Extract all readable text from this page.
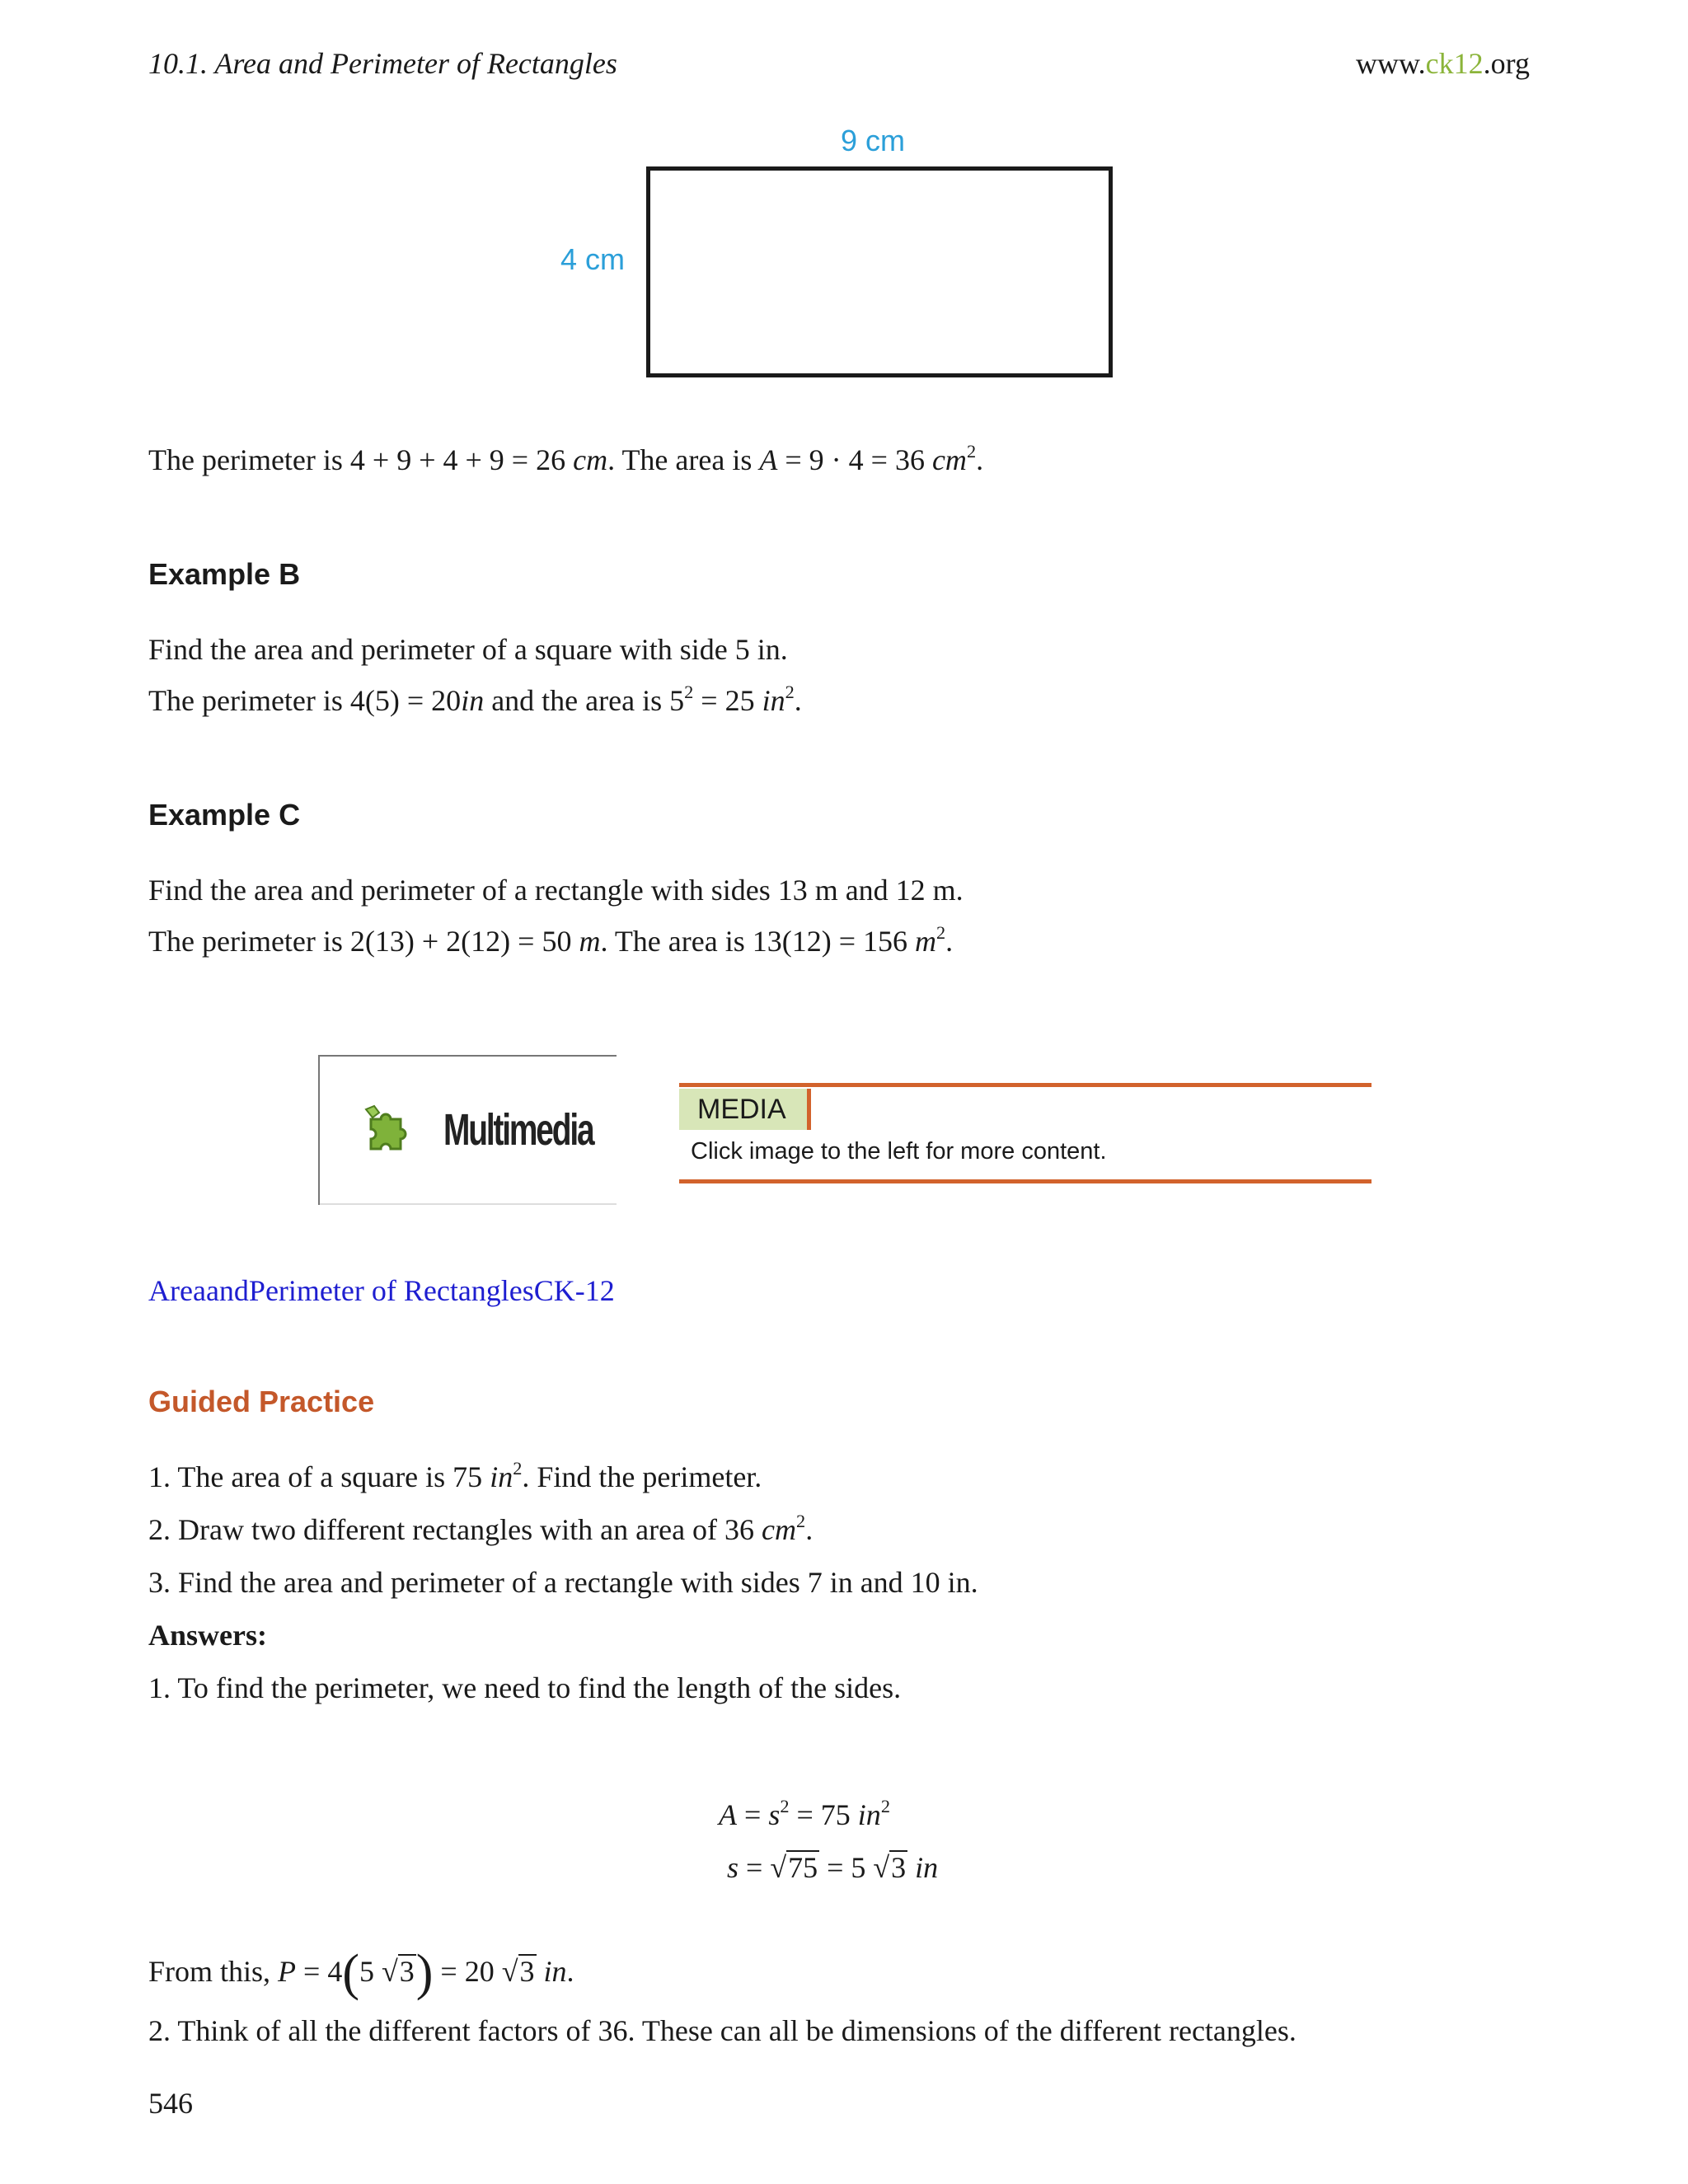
10.1. Area and Perimeter of Rectangles	www.ck12.org
9 cm
4 cm
The perimeter is 4 + 9 + 4 + 9 = 26 cm. The area is A = 9 · 4 = 36 $cm^2$.
Example B
Find the area and perimeter of a square with side 5 in.
The perimeter is 4(5) = 20in and the area is $5^2 = 25$ $in^2$.
Example C
Find the area and perimeter of a rectangle with sides 13 m and 12 m.
The perimeter is 2(13) + 2(12) = 50 m. The area is 13(12) = 156 $m^2$.
Multimedia	MEDIA
Click image to the left for more content.
AreaandPerimeter of RectanglesCK-12
Guided Practice
1. The area of a square is 75 $in^2$. Find the perimeter.
2. Draw two different rectangles with an area of 36 $cm^2$.
3. Find the area and perimeter of a rectangle with sides 7 in and 10 in.
Answers:
1. To find the perimeter, we need to find the length of the sides.
$A = s^2 = 75$ $in^2$
s = √75 = 5 √3 in
From this, P = 4(5 √3) = 20 √3 in.
2. Think of all the different factors of 36. These can all be dimensions of the different rectangles.
546
